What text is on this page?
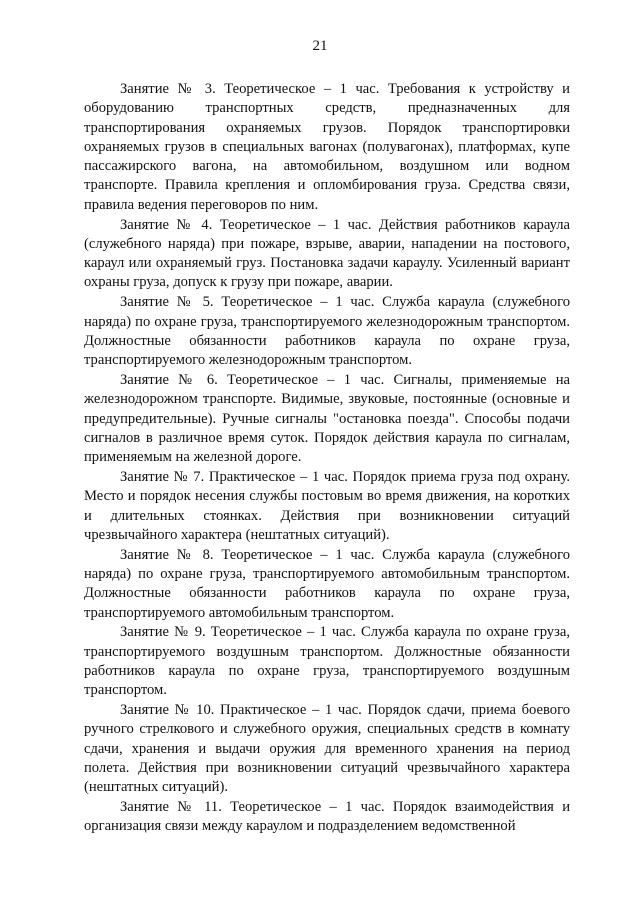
21

Занятие № 3. Теоретическое – 1 час. Требования к устройству и оборудованию транспортных средств, предназначенных для транспортирования охраняемых грузов. Порядок транспортировки охраняемых грузов в специальных вагонах (полувагонах), платформах, купе пассажирского вагона, на автомобильном, воздушном или водном транспорте. Правила крепления и опломбирования груза. Средства связи, правила ведения переговоров по ним.

Занятие № 4. Теоретическое – 1 час. Действия работников караула (служебного наряда) при пожаре, взрыве, аварии, нападении на постового, караул или охраняемый груз. Постановка задачи караулу. Усиленный вариант охраны груза, допуск к грузу при пожаре, аварии.

Занятие № 5. Теоретическое – 1 час. Служба караула (служебного наряда) по охране груза, транспортируемого железнодорожным транспортом. Должностные обязанности работников караула по охране груза, транспортируемого железнодорожным транспортом.

Занятие № 6. Теоретическое – 1 час. Сигналы, применяемые на железнодорожном транспорте. Видимые, звуковые, постоянные (основные и предупредительные). Ручные сигналы "остановка поезда". Способы подачи сигналов в различное время суток. Порядок действия караула по сигналам, применяемым на железной дороге.

Занятие № 7. Практическое – 1 час. Порядок приема груза под охрану. Место и порядок несения службы постовым во время движения, на коротких и длительных стоянках. Действия при возникновении ситуаций чрезвычайного характера (нештатных ситуаций).

Занятие № 8. Теоретическое – 1 час. Служба караула (служебного наряда) по охране груза, транспортируемого автомобильным транспортом. Должностные обязанности работников караула по охране груза, транспортируемого автомобильным транспортом.

Занятие № 9. Теоретическое – 1 час. Служба караула по охране груза, транспортируемого воздушным транспортом. Должностные обязанности работников караула по охране груза, транспортируемого воздушным транспортом.

Занятие № 10. Практическое – 1 час. Порядок сдачи, приема боевого ручного стрелкового и служебного оружия, специальных средств в комнату сдачи, хранения и выдачи оружия для временного хранения на период полета. Действия при возникновении ситуаций чрезвычайного характера (нештатных ситуаций).

Занятие № 11. Теоретическое – 1 час. Порядок взаимодействия и организация связи между караулом и подразделением ведомственной
